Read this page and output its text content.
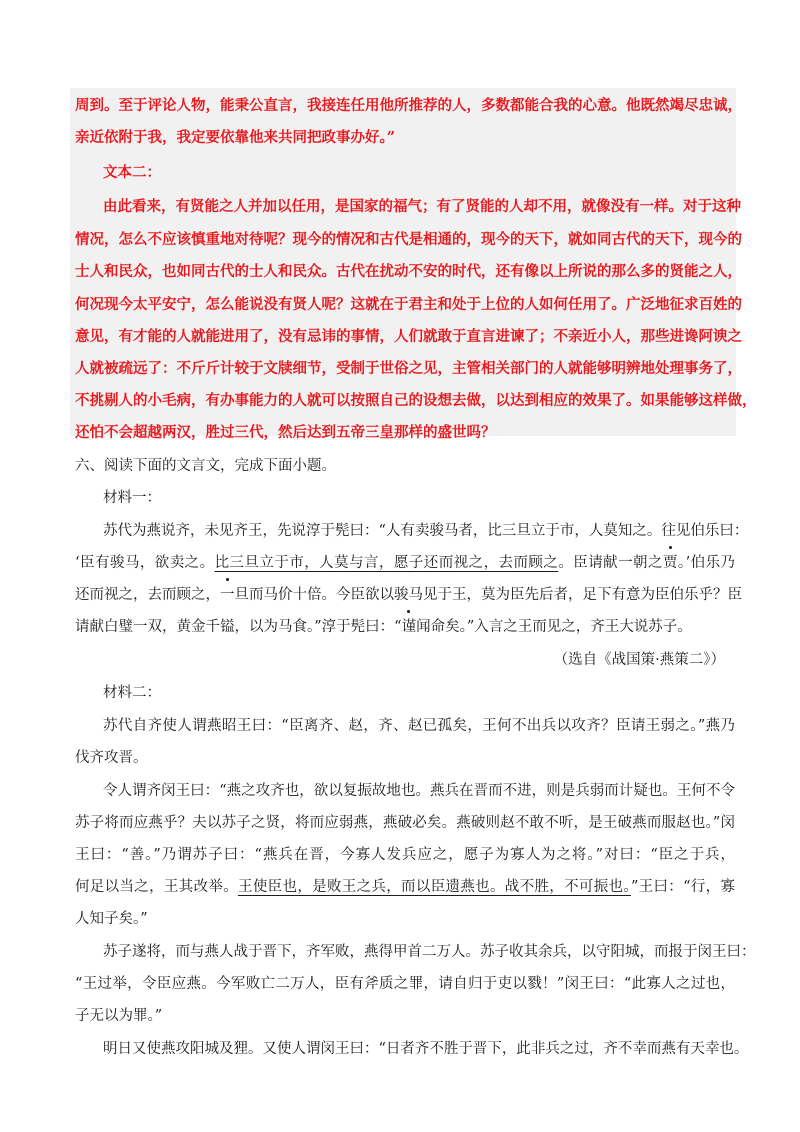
周到。至于评论人物，能秉公直言，我接连任用他所推荐的人，多数都能合我的心意。他既然竭尽忠诚，
亲近依附于我，我定要依靠他来共同把政事办好。”
文本二：
由此看来，有贤能之人并加以任用，是国家的福气；有了贤能的人却不用，就像没有一样。对于这种
情况，怎么不应该慎重地对待呢？现今的情况和古代是相通的，现今的天下，就如同古代的天下，现今的
士人和民众，也如同古代的士人和民众。古代在扰动不安的时代，还有像以上所说的那么多的贤能之人，
何况现今太平安宁，怎么能说没有贤人呢？这就在于君主和处于上位的人如何任用了。广泛地征求百姓的
意见，有才能的人就能进用了，没有忌讳的事情，人们就敢于直言进谏了；不亲近小人，那些进谗阿谀之
人就被疏远了：不斤斤计较于文牍细节，受制于世俗之见，主管相关部门的人就能够明辨地处理事务了，
不挑剔人的小毛病，有办事能力的人就可以按照自己的设想去做，以达到相应的效果了。如果能够这样做，
还怕不会超越两汉，胜过三代，然后达到五帝三皇那样的盛世吗？
六、阅读下面的文言文，完成下面小题。
材料一：
苏代为燕说齐，未见齐王，先说淳于髡曰：“人有卖骏马者，比三旦立于市，人莫知之。往见伯乐曰：
‘臣有骏马，欲卖之。比三旦立于市，人莫与言，愿子还而视之，去而顾之。臣请献一朝之贾。’伯乐乃
还而视之，去而顾之，一旦而马价十倍。今臣欲以骏马见于王，莫为臣先后者，足下有意为臣伯乐乎？臣
请献白璧一双，黄金千镒，以为马食。”淳于髡曰：“谨闻命矣。”入言之王而见之，齐王大说苏子。
（选自《战国策·燕策二》）
材料二：
苏代自齐使人谓燕昭王曰：“臣离齐、赵，齐、赵已孤矣，王何不出兵以攻齐？臣请王弱之。”燕乃
伐齐攻晋。
令人谓齐闵王曰：“燕之攻齐也，欲以复振故地也。燕兵在晋而不进，则是兵弱而计疑也。王何不令
苏子将而应燕乎？夫以苏子之贤，将而应弱燕，燕破必矣。燕破则赵不敢不听，是王破燕而服赵也。”闵
王曰：“善。”乃谓苏子曰：“燕兵在晋，今寡人发兵应之，愿子为寡人为之将。”对曰：“臣之于兵，
何足以当之，王其改举。王使臣也，是败王之兵，而以臣遗燕也。战不胜，不可振也。”王曰：“行，寡
人知子矣。”
苏子遂将，而与燕人战于晋下，齐军败，燕得甲首二万人。苏子收其余兵，以守阳城，而报于闵王曰：
“王过举，令臣应燕。今军败亡二万人，臣有斧质之罪，请自归于吏以戮！”闵王曰：“此寡人之过也，
子无以为罪。”
明日又使燕攻阳城及狸。又使人谓闵王曰：“日者齐不胜于晋下，此非兵之过，齐不幸而燕有天幸也。
